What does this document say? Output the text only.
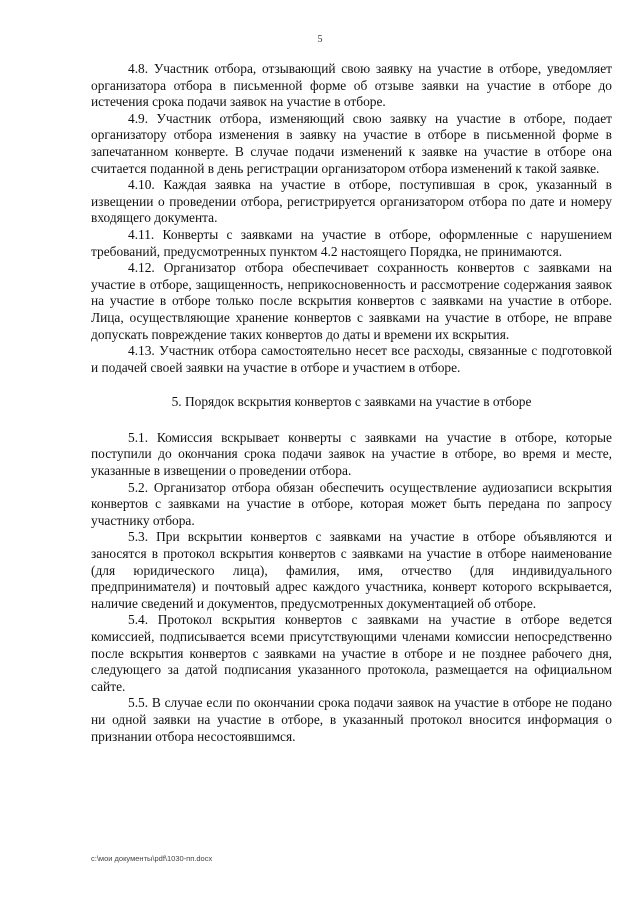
5

4.8. Участник отбора, отзывающий свою заявку на участие в отборе, уведомляет организатора отбора в письменной форме об отзыве заявки на участие в отборе до истечения срока подачи заявок на участие в отборе.

4.9. Участник отбора, изменяющий свою заявку на участие в отборе, подает организатору отбора изменения в заявку на участие в отборе в письменной форме в запечатанном конверте. В случае подачи изменений к заявке на участие в отборе она считается поданной в день регистрации организатором отбора изменений к такой заявке.

4.10. Каждая заявка на участие в отборе, поступившая в срок, указанный в извещении о проведении отбора, регистрируется организатором отбора по дате и номеру входящего документа.

4.11. Конверты с заявками на участие в отборе, оформленные с нарушением требований, предусмотренных пунктом 4.2 настоящего Порядка, не принимаются.

4.12. Организатор отбора обеспечивает сохранность конвертов с заявками на участие в отборе, защищенность, неприкосновенность и рассмотрение содержания заявок на участие в отборе только после вскрытия конвертов с заявками на участие в отборе. Лица, осуществляющие хранение конвертов с заявками на участие в отборе, не вправе допускать повреждение таких конвертов до даты и времени их вскрытия.

4.13. Участник отбора самостоятельно несет все расходы, связанные с подготовкой и подачей своей заявки на участие в отборе и участием в отборе.

5. Порядок вскрытия конвертов с заявками на участие в отборе

5.1. Комиссия вскрывает конверты с заявками на участие в отборе, которые поступили до окончания срока подачи заявок на участие в отборе, во время и месте, указанные в извещении о проведении отбора.

5.2. Организатор отбора обязан обеспечить осуществление аудиозаписи вскрытия конвертов с заявками на участие в отборе, которая может быть передана по запросу участнику отбора.

5.3. При вскрытии конвертов с заявками на участие в отборе объявляются и заносятся в протокол вскрытия конвертов с заявками на участие в отборе наименование (для юридического лица), фамилия, имя, отчество (для индивидуального предпринимателя) и почтовый адрес каждого участника, конверт которого вскрывается, наличие сведений и документов, предусмотренных документацией об отборе.

5.4. Протокол вскрытия конвертов с заявками на участие в отборе ведется комиссией, подписывается всеми присутствующими членами комиссии непосредственно после вскрытия конвертов с заявками на участие в отборе и не позднее рабочего дня, следующего за датой подписания указанного протокола, размещается на официальном сайте.

5.5. В случае если по окончании срока подачи заявок на участие в отборе не подано ни одной заявки на участие в отборе, в указанный протокол вносится информация о признании отбора несостоявшимся.

c:\мои документы\pdf\1030-пп.docx
